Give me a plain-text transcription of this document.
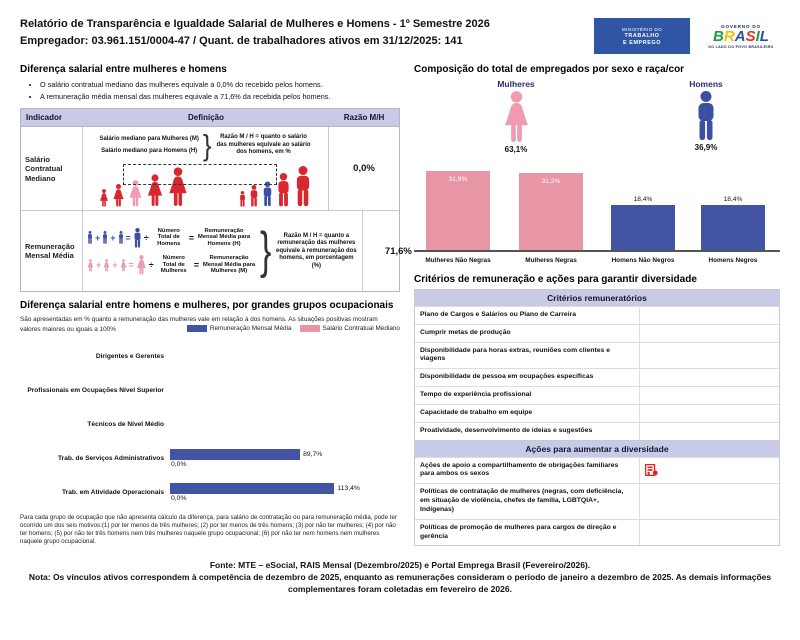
Relatório de Transparência e Igualdade Salarial de Mulheres e Homens - 1º Semestre 2026
Empregador: 03.961.151/0004-47 / Quant. de trabalhadores ativos em 31/12/2025: 141
MINISTÉRIO DO
TRABALHO
E EMPREGO
GOVERNO DO
BRASIL
DO LADO DO POVO BRASILEIRO
Diferença salarial entre mulheres e homens
• O salário contratual mediano das mulheres equivale a 0,0% do recebido pelos homens.
• A remuneração média mensal das mulheres equivale a 71,6% da recebida pelos homens.
Indicador	Definição	Razão M/H
Salário Contratual Mediano
Salário mediano para Mulheres (M)
Salário mediano para Homens (H) }	Razão M / H = quanto o salário das mulheres equivale ao salário dos homens, em %
0,0%
Remuneração Mensal Média
+ + = ÷
Número Total de Homens
=
Remuneração Mensal Média para Homens (H)
+ + = ÷
Número Total de Mulheres
=
Remuneração Mensal Média para Mulheres (M) }	Razão M / H = quanto a remuneração das mulheres equivale à remuneração dos homens, em porcentagem (%)
71,6%
Diferença salarial entre homens e mulheres, por grandes grupos ocupacionais
São apresentadas em % quanto a remuneração das mulheres vale em relação à dos homens. As situações positivas mostram valores maiores ou iguais a 100%	Remuneração Mensal Média	Salário Contratual Mediano
Dirigentes e Gerentes
Profissionais em Ocupações Nível Superior
Técnicos de Nível Médio
Trab. de Serviços Administrativos
89,7%
0,0%
Trab. em Atividade Operacionais
113,4%
0,0%
Para cada grupo de ocupação que não apresenta cálculo da diferença, para salário de contratação ou para remuneração média, pode ter ocorrido um dos seis motivos:(1) por ter menos de três mulheres; (2) por ter menos de três homens; (3) por não ter mulheres; (4) por não ter homens; (5) por não ter três homens nem três mulheres naquele grupo ocupacional; (6) por não ter nem homens nem mulheres naquele grupo ocupacional.
Composição do total de empregados por sexo e raça/cor
Mulheres
63,1%
Homens
36,9%
31,9%
Mulheres Não Negras
31,2%
Mulheres Negras
18,4%
Homens Não Negros
18,4%
Homens Negros
Critérios de remuneração e ações para garantir diversidade
Critérios remuneratórios
Plano de Cargos e Salários ou Plano de Carreira
Cumprir metas de produção
Disponibilidade para horas extras, reuniões com clientes e viagens
Disponibilidade de pessoa em ocupações específicas
Tempo de experiência profissional
Capacidade de trabalho em equipe
Proatividade, desenvolvimento de ideias e sugestões
Ações para aumentar a diversidade
Ações de apoio a compartilhamento de obrigações familiares para ambos os sexos
Políticas de contratação de mulheres (negras, com deficiência, em situação de violência, chefes de família, LGBTQIA+, Indígenas)
Políticas de promoção de mulheres para cargos de direção e gerência
Fonte: MTE – eSocial, RAIS Mensal (Dezembro/2025) e Portal Emprega Brasil (Fevereiro/2026).
Nota: Os vínculos ativos correspondem à competência de dezembro de 2025, enquanto as remunerações consideram o período de janeiro a dezembro de 2025. As demais informações complementares foram coletadas em fevereiro de 2026.
